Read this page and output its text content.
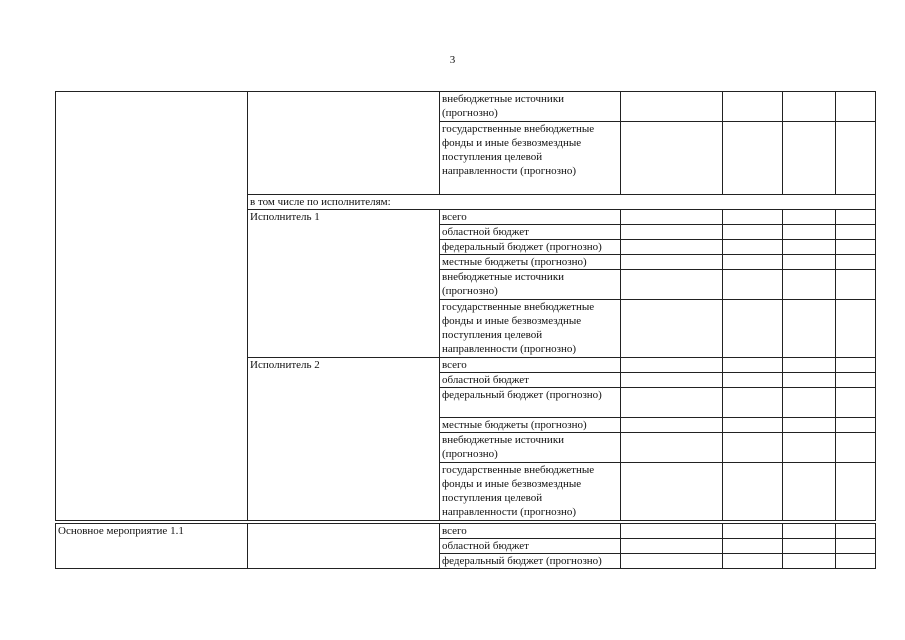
3
		внебюджетные источники (прогнозно)				
		государственные внебюджетные фонды и иные безвозмездные поступления целевой направленности (прогнозно)				
	в том числе по исполнителям:					
	Исполнитель 1	всего				
		областной бюджет				
		федеральный бюджет (прогнозно)				
		местные бюджеты (прогнозно)				
		внебюджетные источники (прогнозно)				
		государственные внебюджетные фонды и иные безвозмездные поступления целевой направленности (прогнозно)				
	Исполнитель 2	всего				
		областной бюджет				
		федеральный бюджет (прогнозно)				
		местные бюджеты (прогнозно)				
		внебюджетные источники (прогнозно)				
		государственные внебюджетные фонды и иные безвозмездные поступления целевой направленности (прогнозно)				
Основное мероприятие 1.1		всего				
		областной бюджет				
		федеральный бюджет (прогнозно)				
